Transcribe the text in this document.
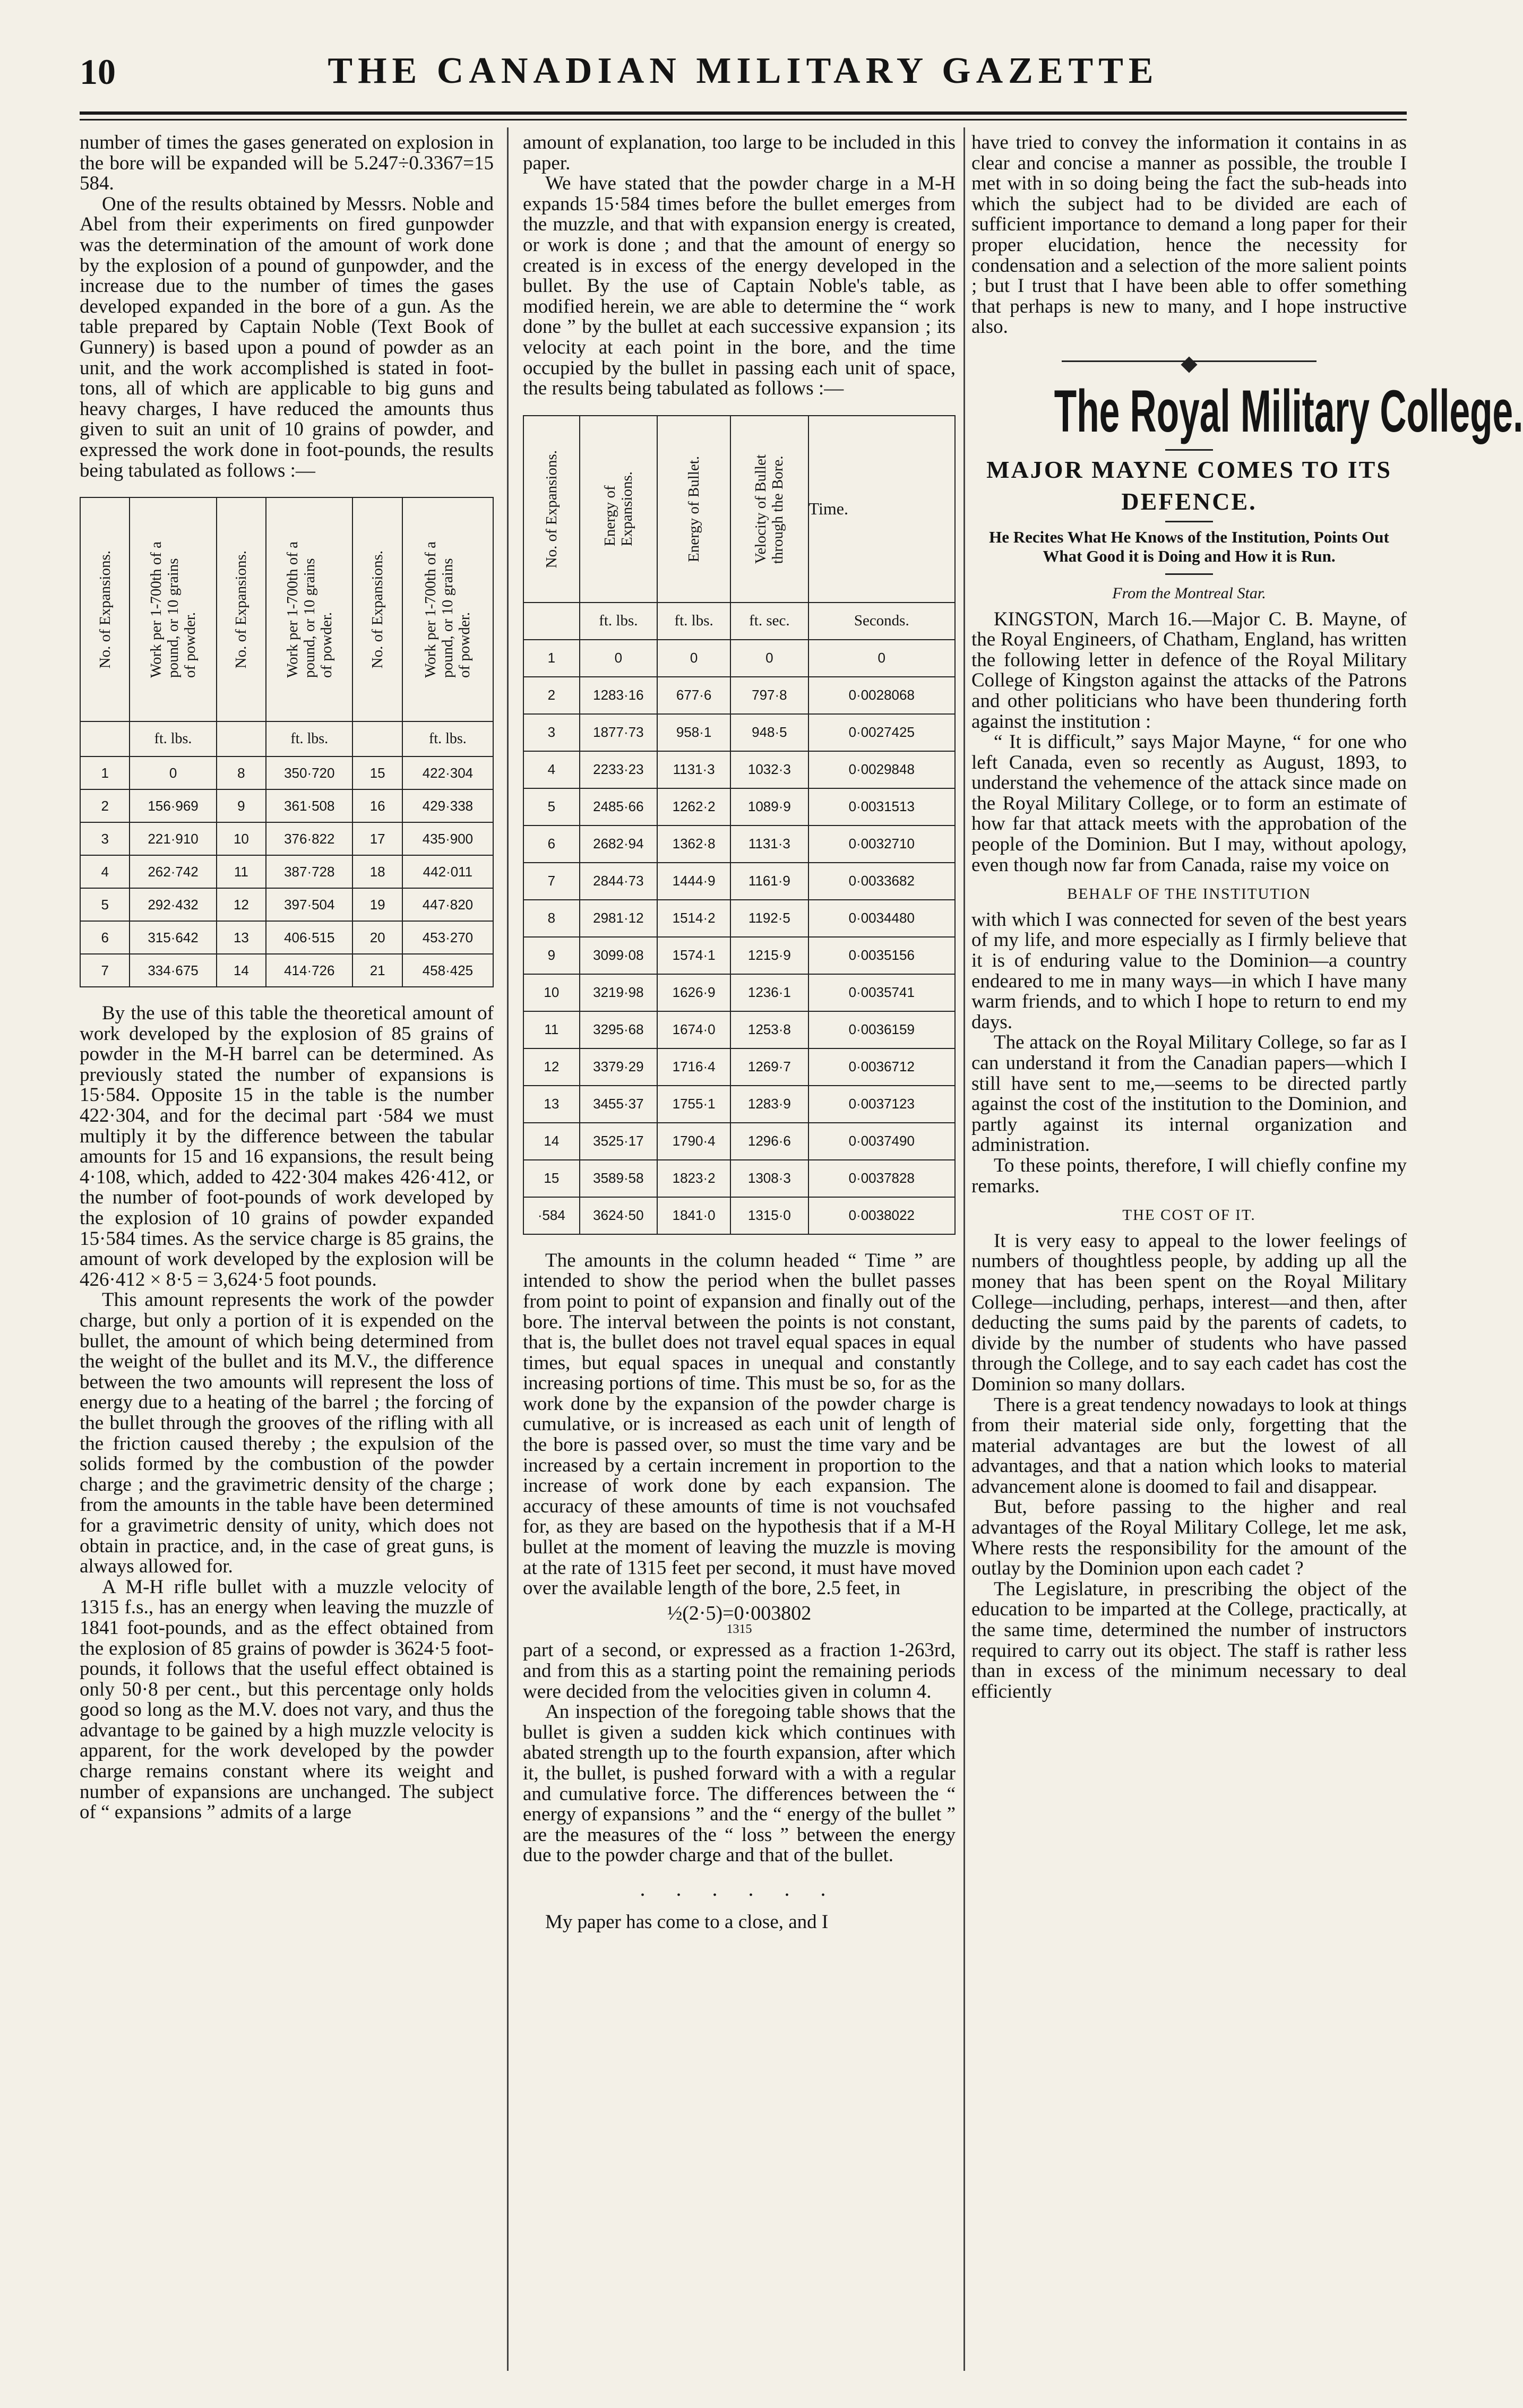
10	THE CANADIAN MILITARY GAZETTE

number of times the gases generated on explosion in the bore will be expanded will be 5.247÷0.3367=15 584.

One of the results obtained by Messrs. Noble and Abel from their experiments on fired gunpowder was the determination of the amount of work done by the explosion of a pound of gunpowder, and the increase due to the number of times the gases developed expanded in the bore of a gun. As the table prepared by Captain Noble (Text Book of Gunnery) is based upon a pound of powder as an unit, and the work accomplished is stated in foot-tons, all of which are applicable to big guns and heavy charges, I have reduced the amounts thus given to suit an unit of 10 grains of powder, and expressed the work done in foot-pounds, the results being tabulated as follows :—

No. of Expansions.	Work per 1-700th of a
pound, or 10 grains
of powder.	No. of Expansions.	Work per 1-700th of a
pound, or 10 grains
of powder.	No. of Expansions.	Work per 1-700th of a
pound, or 10 grains
of powder.

	ft. lbs.		ft. lbs.		ft. lbs.
1	0	8	350·720	15	422·304
2	156·969	9	361·508	16	429·338
3	221·910	10	376·822	17	435·900
4	262·742	11	387·728	18	442·011
5	292·432	12	397·504	19	447·820
6	315·642	13	406·515	20	453·270
7	334·675	14	414·726	21	458·425

By the use of this table the theoretical amount of work developed by the explosion of 85 grains of powder in the M-H barrel can be determined. As previously stated the number of expansions is 15·584. Opposite 15 in the table is the number 422·304, and for the decimal part ·584 we must multiply it by the difference between the tabular amounts for 15 and 16 expansions, the result being 4·108, which, added to 422·304 makes 426·412, or the number of foot-pounds of work developed by the explosion of 10 grains of powder expanded 15·584 times. As the service charge is 85 grains, the amount of work developed by the explosion will be 426·412 × 8·5 = 3,624·5 foot pounds.

This amount represents the work of the powder charge, but only a portion of it is expended on the bullet, the amount of which being determined from the weight of the bullet and its M.V., the difference between the two amounts will represent the loss of energy due to a heating of the barrel ; the forcing of the bullet through the grooves of the rifling with all the friction caused thereby ; the expulsion of the solids formed by the combustion of the powder charge ; and the gravimetric density of the charge ; from the amounts in the table have been determined for a gravimetric density of unity, which does not obtain in practice, and, in the case of great guns, is always allowed for.

A M-H rifle bullet with a muzzle velocity of 1315 f.s., has an energy when leaving the muzzle of 1841 foot-pounds, and as the effect obtained from the explosion of 85 grains of powder is 3624·5 foot-pounds, it follows that the useful effect obtained is only 50·8 per cent., but this percentage only holds good so long as the M.V. does not vary, and thus the advantage to be gained by a high muzzle velocity is apparent, for the work developed by the powder charge remains constant where its weight and number of expansions are unchanged. The subject of “ expansions ” admits of a large

amount of explanation, too large to be included in this paper.

We have stated that the powder charge in a M-H expands 15·584 times before the bullet emerges from the muzzle, and that with expansion energy is created, or work is done ; and that the amount of energy so created is in excess of the energy developed in the bullet. By the use of Captain Noble's table, as modified herein, we are able to determine the “ work done ” by the bullet at each successive expansion ; its velocity at each point in the bore, and the time occupied by the bullet in passing each unit of space, the results being tabulated as follows :—

No. of Expansions.	Energy of
Expansions.	Energy of Bullet.	Velocity of Bullet
through the Bore.	Time.
	ft. lbs.	ft. lbs.	ft. sec.	Seconds.
1	0	0	0	0
2	1283·16	677·6	797·8	0·0028068
3	1877·73	958·1	948·5	0·0027425
4	2233·23	1131·3	1032·3	0·0029848
5	2485·66	1262·2	1089·9	0·0031513
6	2682·94	1362·8	1131·3	0·0032710
7	2844·73	1444·9	1161·9	0·0033682
8	2981·12	1514·2	1192·5	0·0034480
9	3099·08	1574·1	1215·9	0·0035156
10	3219·98	1626·9	1236·1	0·0035741
11	3295·68	1674·0	1253·8	0·0036159
12	3379·29	1716·4	1269·7	0·0036712
13	3455·37	1755·1	1283·9	0·0037123
14	3525·17	1790·4	1296·6	0·0037490
15	3589·58	1823·2	1308·3	0·0037828
·584	3624·50	1841·0	1315·0	0·0038022

The amounts in the column headed “ Time ” are intended to show the period when the bullet passes from point to point of expansion and finally out of the bore. The interval between the points is not constant, that is, the bullet does not travel equal spaces in equal times, but equal spaces in unequal and constantly increasing portions of time. This must be so, for as the work done by the expansion of the powder charge is cumulative, or is increased as each unit of length of the bore is passed over, so must the time vary and be increased by a certain increment in proportion to the increase of work done by each expansion. The accuracy of these amounts of time is not vouchsafed for, as they are based on the hypothesis that if a M-H bullet at the moment of leaving the muzzle is moving at the rate of 1315 feet per second, it must have moved over the available length of the bore, 2.5 feet, in

½(2·5)=0·003802
1315

part of a second, or expressed as a fraction 1-263rd, and from this as a starting point the remaining periods were decided from the velocities given in column 4.

An inspection of the foregoing table shows that the bullet is given a sudden kick which continues with abated strength up to the fourth expansion, after which it, the bullet, is pushed forward with a with a regular and cumulative force. The differences between the “ energy of expansions ” and the “ energy of the bullet ” are the measures of the “ loss ” between the energy due to the powder charge and that of the bullet.

. . . . . .

My paper has come to a close, and I

have tried to convey the information it contains in as clear and concise a manner as possible, the trouble I met with in so doing being the fact the sub-heads into which the subject had to be divided are each of sufficient importance to demand a long paper for their proper elucidation, hence the necessity for condensation and a selection of the more salient points ; but I trust that I have been able to offer something that perhaps is new to many, and I hope instructive also.

The Royal Military College.
MAJOR MAYNE COMES TO ITS DEFENCE.
He Recites What He Knows of the Institution, Points Out What Good it is Doing and How it is Run.
From the Montreal Star.

KINGSTON, March 16.—Major C. B. Mayne, of the Royal Engineers, of Chatham, England, has written the following letter in defence of the Royal Military College of Kingston against the attacks of the Patrons and other politicians who have been thundering forth against the institution :

“ It is difficult,” says Major Mayne, “ for one who left Canada, even so recently as August, 1893, to understand the vehemence of the attack since made on the Royal Military College, or to form an estimate of how far that attack meets with the approbation of the people of the Dominion. But I may, without apology, even though now far from Canada, raise my voice on

BEHALF OF THE INSTITUTION

with which I was connected for seven of the best years of my life, and more especially as I firmly believe that it is of enduring value to the Dominion—a country endeared to me in many ways—in which I have many warm friends, and to which I hope to return to end my days.

The attack on the Royal Military College, so far as I can understand it from the Canadian papers—which I still have sent to me,—seems to be directed partly against the cost of the institution to the Dominion, and partly against its internal organization and administration.

To these points, therefore, I will chiefly confine my remarks.

THE COST OF IT.

It is very easy to appeal to the lower feelings of numbers of thoughtless people, by adding up all the money that has been spent on the Royal Military College—including, perhaps, interest—and then, after deducting the sums paid by the parents of cadets, to divide by the number of students who have passed through the College, and to say each cadet has cost the Dominion so many dollars.

There is a great tendency nowadays to look at things from their material side only, forgetting that the material advantages are but the lowest of all advantages, and that a nation which looks to material advancement alone is doomed to fail and disappear.

But, before passing to the higher and real advantages of the Royal Military College, let me ask, Where rests the responsibility for the amount of the outlay by the Dominion upon each cadet ?

The Legislature, in prescribing the object of the education to be imparted at the College, practically, at the same time, determined the number of instructors required to carry out its object. The staff is rather less than in excess of the minimum necessary to deal efficiently
